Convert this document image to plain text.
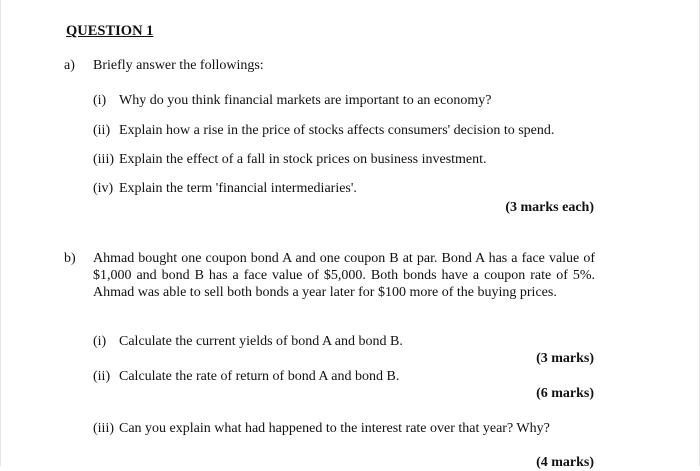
QUESTION 1
a) Briefly answer the followings:
(i) Why do you think financial markets are important to an economy?
(ii) Explain how a rise in the price of stocks affects consumers' decision to spend.
(iii) Explain the effect of a fall in stock prices on business investment.
(iv) Explain the term 'financial intermediaries'.
(3 marks each)
b) Ahmad bought one coupon bond A and one coupon B at par. Bond A has a face value of $1,000 and bond B has a face value of $5,000. Both bonds have a coupon rate of 5%. Ahmad was able to sell both bonds a year later for $100 more of the buying prices.
(i) Calculate the current yields of bond A and bond B.
(3 marks)
(ii) Calculate the rate of return of bond A and bond B.
(6 marks)
(iii) Can you explain what had happened to the interest rate over that year? Why?
(4 marks)
